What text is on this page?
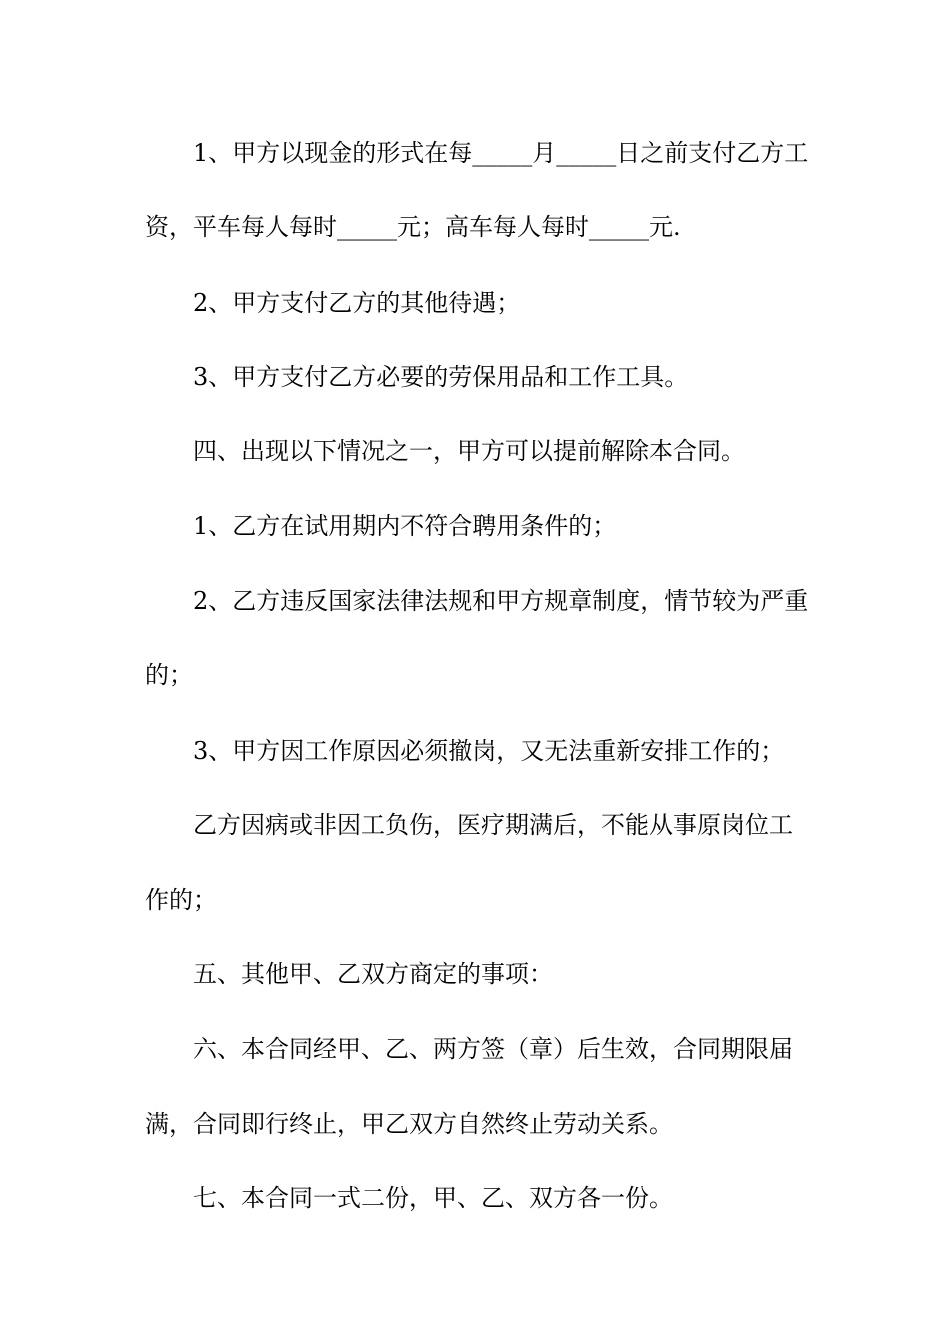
1、甲方以现金的形式在每_____月_____日之前支付乙方工
资，平车每人每时_____元；高车每人每时_____元.
2、甲方支付乙方的其他待遇；
3、甲方支付乙方必要的劳保用品和工作工具。
四、出现以下情况之一，甲方可以提前解除本合同。
1、乙方在试用期内不符合聘用条件的；
2、乙方违反国家法律法规和甲方规章制度，情节较为严重
的；
3、甲方因工作原因必须撤岗，又无法重新安排工作的；
乙方因病或非因工负伤，医疗期满后，不能从事原岗位工
作的；
五、其他甲、乙双方商定的事项：
六、本合同经甲、乙、两方签（章）后生效，合同期限届
满，合同即行终止，甲乙双方自然终止劳动关系。
七、本合同一式二份，甲、乙、双方各一份。
